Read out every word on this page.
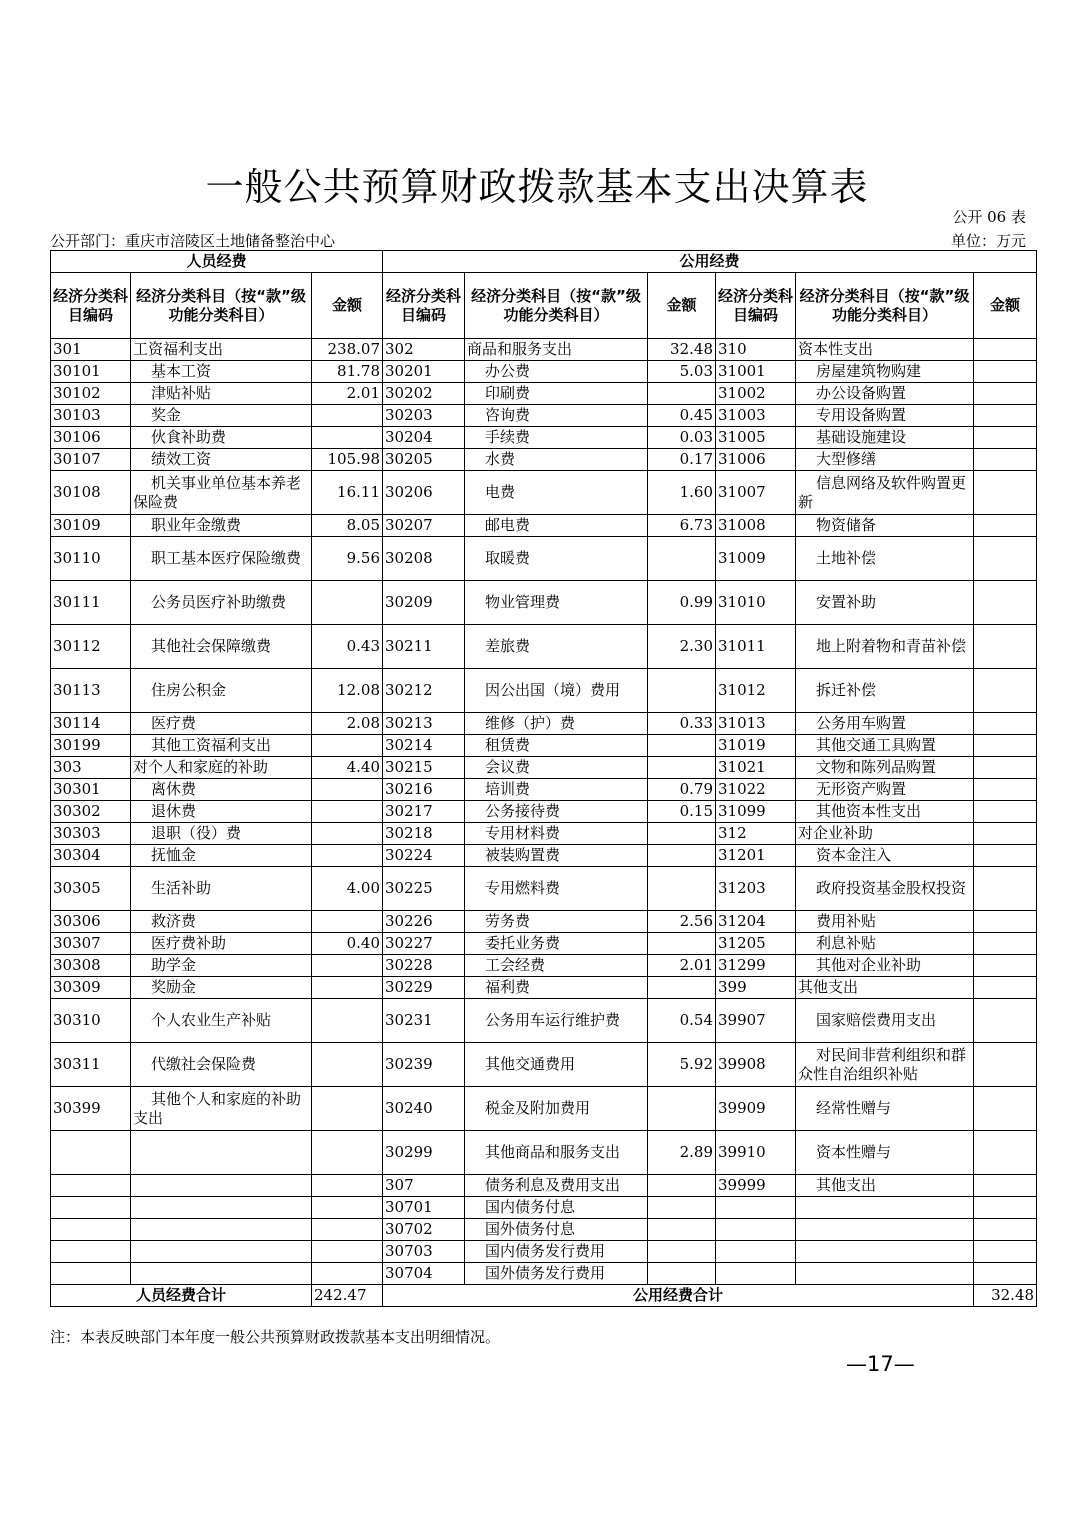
一般公共预算财政拨款基本支出决算表
公开 06 表
公开部门：重庆市涪陵区土地储备整治中心	单位：万元
人员经费			公用经费					
经济分类科目编码	经济分类科目（按“款”级功能分类科目）	金额	经济分类科目编码	经济分类科目（按“款”级功能分类科目）	金额	经济分类科目编码	经济分类科目（按“款”级功能分类科目）	金额
301	工资福利支出	238.07	302	商品和服务支出	32.48	310	资本性支出	
30101	基本工资	81.78	30201	办公费	5.03	31001	房屋建筑物购建	
30102	津贴补贴	2.01	30202	印刷费		31002	办公设备购置	
30103	奖金		30203	咨询费	0.45	31003	专用设备购置	
30106	伙食补助费		30204	手续费	0.03	31005	基础设施建设	
30107	绩效工资	105.98	30205	水费	0.17	31006	大型修缮	
30108	机关事业单位基本养老保险费	16.11	30206	电费	1.60	31007	信息网络及软件购置更新	
30109	职业年金缴费	8.05	30207	邮电费	6.73	31008	物资储备	
30110	职工基本医疗保险缴费	9.56	30208	取暖费		31009	土地补偿	
30111	公务员医疗补助缴费		30209	物业管理费	0.99	31010	安置补助	
30112	其他社会保障缴费	0.43	30211	差旅费	2.30	31011	地上附着物和青苗补偿	
30113	住房公积金	12.08	30212	因公出国（境）费用		31012	拆迁补偿	
30114	医疗费	2.08	30213	维修（护）费	0.33	31013	公务用车购置	
30199	其他工资福利支出		30214	租赁费		31019	其他交通工具购置	
303	对个人和家庭的补助	4.40	30215	会议费		31021	文物和陈列品购置	
30301	离休费		30216	培训费	0.79	31022	无形资产购置	
30302	退休费		30217	公务接待费	0.15	31099	其他资本性支出	
30303	退职（役）费		30218	专用材料费		312	对企业补助	
30304	抚恤金		30224	被装购置费		31201	资本金注入	
30305	生活补助	4.00	30225	专用燃料费		31203	政府投资基金股权投资	
30306	救济费		30226	劳务费	2.56	31204	费用补贴	
30307	医疗费补助	0.40	30227	委托业务费		31205	利息补贴	
30308	助学金		30228	工会经费	2.01	31299	其他对企业补助	
30309	奖励金		30229	福利费		399	其他支出	
30310	个人农业生产补贴		30231	公务用车运行维护费	0.54	39907	国家赔偿费用支出	
30311	代缴社会保险费		30239	其他交通费用	5.92	39908	对民间非营利组织和群众性自治组织补贴	
30399	其他个人和家庭的补助支出		30240	税金及附加费用		39909	经常性赠与	
			30299	其他商品和服务支出	2.89	39910	资本性赠与	
			307	债务利息及费用支出		39999	其他支出	
			30701	国内债务付息				
			30702	国外债务付息				
			30703	国内债务发行费用				
			30704	国外债务发行费用				
人员经费合计		242.47	公用经费合计					32.48
注：本表反映部门本年度一般公共预算财政拨款基本支出明细情况。
—17—
